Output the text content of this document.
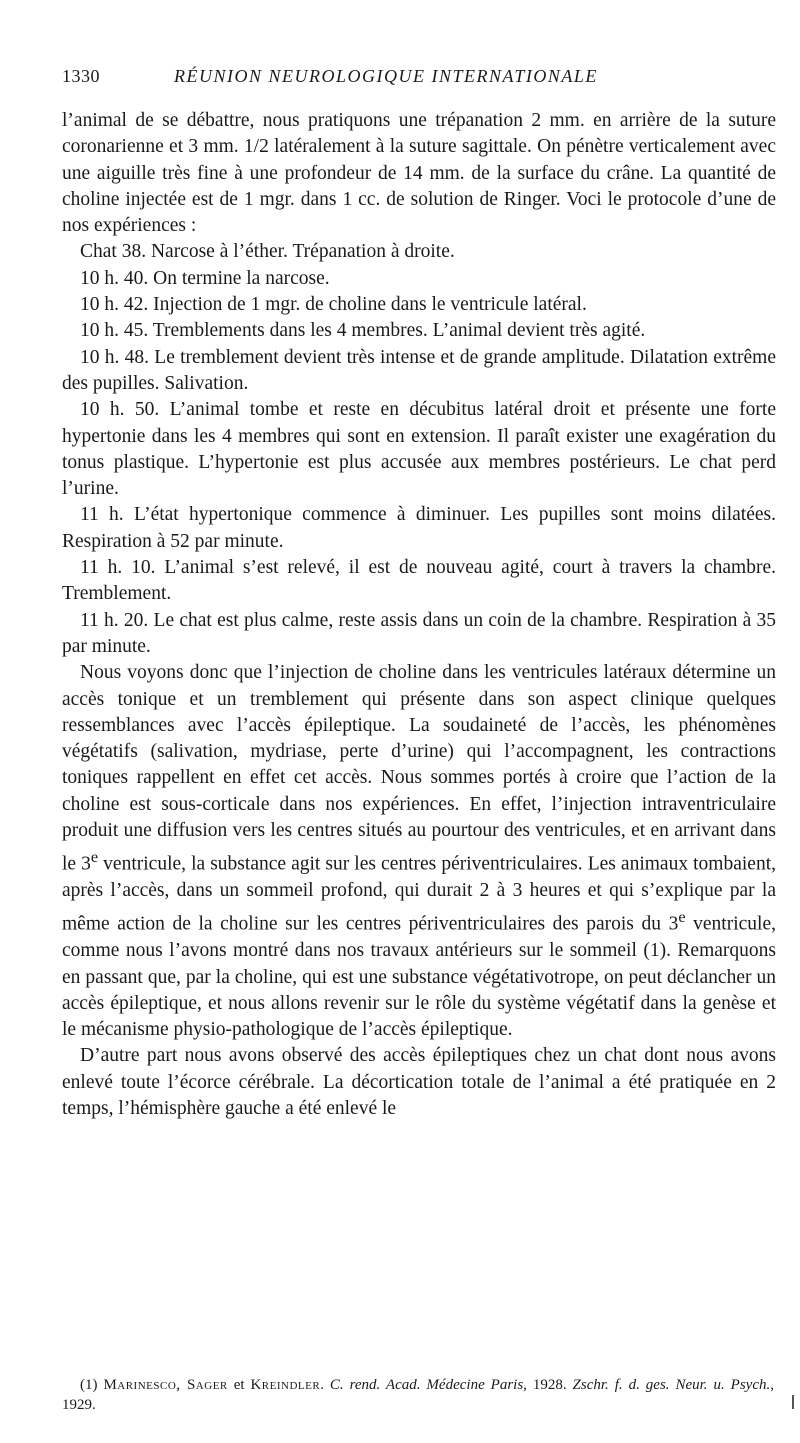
1330	RÉUNION NEUROLOGIQUE INTERNATIONALE

l’animal de se débattre, nous pratiquons une trépanation 2 mm. en arrière de la suture coronarienne et 3 mm. 1/2 latéralement à la suture sagittale. On pénètre verticalement avec une aiguille très fine à une profondeur de 14 mm. de la surface du crâne. La quantité de choline injectée est de 1 mgr. dans 1 cc. de solution de Ringer. Voci le protocole d’une de nos expériences :

Chat 38. Narcose à l’éther. Trépanation à droite.

10 h. 40. On termine la narcose.

10 h. 42. Injection de 1 mgr. de choline dans le ventricule latéral.

10 h. 45. Tremblements dans les 4 membres. L’animal devient très agité.

10 h. 48. Le tremblement devient très intense et de grande amplitude. Dilatation extrême des pupilles. Salivation.

10 h. 50. L’animal tombe et reste en décubitus latéral droit et présente une forte hypertonie dans les 4 membres qui sont en extension. Il paraît exister une exagération du tonus plastique. L’hypertonie est plus accusée aux membres postérieurs. Le chat perd l’urine.

11 h. L’état hypertonique commence à diminuer. Les pupilles sont moins dilatées. Respiration à 52 par minute.

11 h. 10. L’animal s’est relevé, il est de nouveau agité, court à travers la chambre. Tremblement.

11 h. 20. Le chat est plus calme, reste assis dans un coin de la chambre. Respiration à 35 par minute.

Nous voyons donc que l’injection de choline dans les ventricules latéraux détermine un accès tonique et un tremblement qui présente dans son aspect clinique quelques ressemblances avec l’accès épileptique. La soudaineté de l’accès, les phénomènes végétatifs (salivation, mydriase, perte d’urine) qui l’accompagnent, les contractions toniques rappellent en effet cet accès. Nous sommes portés à croire que l’action de la choline est sous-corticale dans nos expériences. En effet, l’injection intraventriculaire produit une diffusion vers les centres situés au pourtour des ventricules, et en arrivant dans le 3e ventricule, la substance agit sur les centres périventriculaires. Les animaux tombaient, après l’accès, dans un sommeil profond, qui durait 2 à 3 heures et qui s’explique par la même action de la choline sur les centres périventriculaires des parois du 3e ventricule, comme nous l’avons montré dans nos travaux antérieurs sur le sommeil (1). Remarquons en passant que, par la choline, qui est une substance végétativotrope, on peut déclancher un accès épileptique, et nous allons revenir sur le rôle du système végétatif dans la genèse et le mécanisme physio-pathologique de l’accès épileptique.

D’autre part nous avons observé des accès épileptiques chez un chat dont nous avons enlevé toute l’écorce cérébrale. La décortication totale de l’animal a été pratiquée en 2 temps, l’hémisphère gauche a été enlevé le

(1) Marinesco, Sager et Kreindler. C. rend. Acad. Médecine Paris, 1928. Zschr. f. d. ges. Neur. u. Psych., 1929.
